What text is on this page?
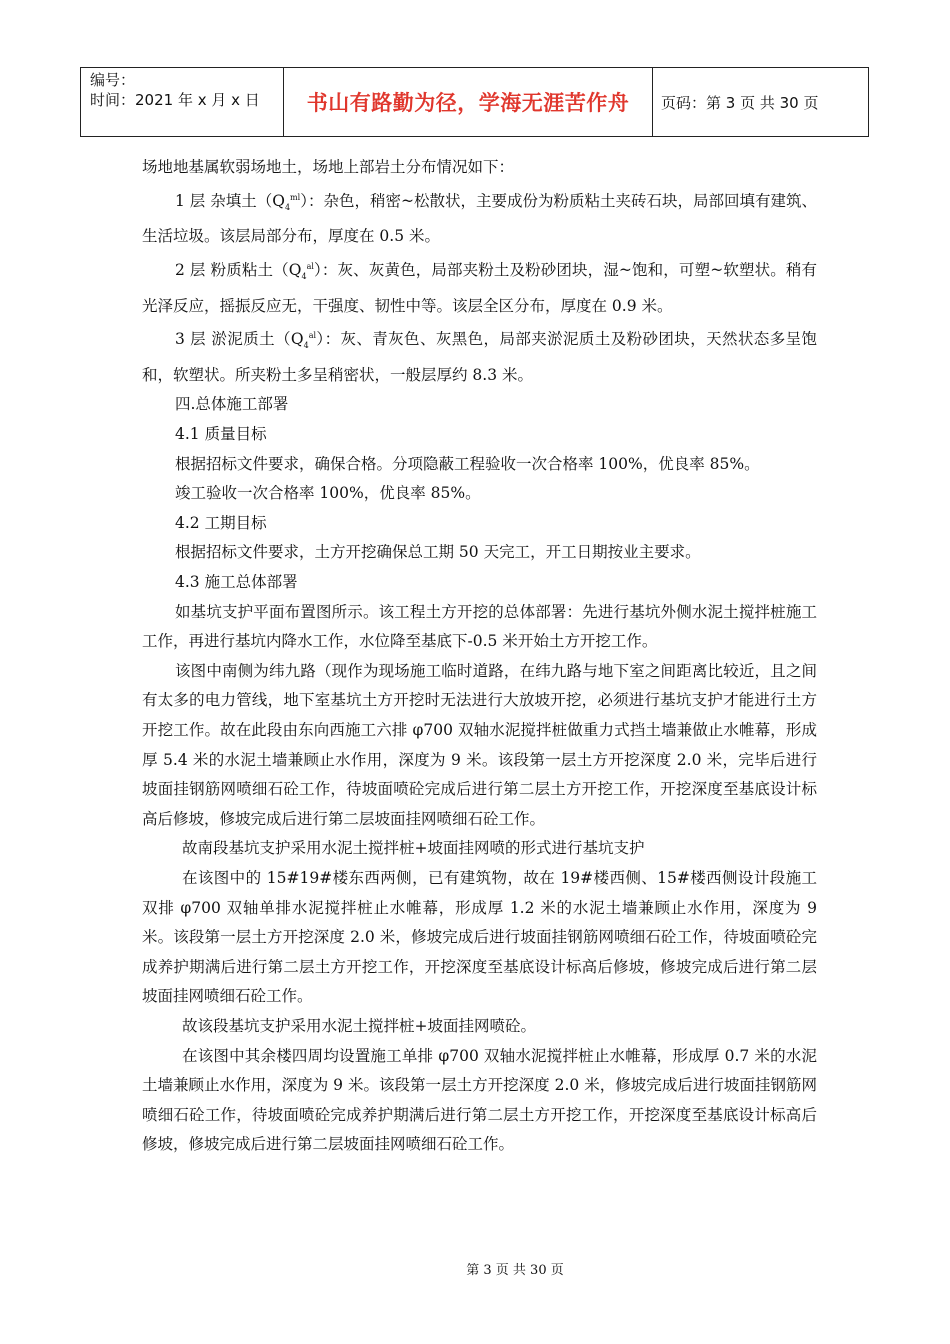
编号：
时间：2021 年 x 月 x 日	书山有路勤为径，学海无涯苦作舟	页码：第 3 页 共 30 页

场地地基属软弱场地土，场地上部岩土分布情况如下：

1 层 杂填土$(Q_4^{ml})$：杂色，稍密~松散状，主要成份为粉质粘土夹砖石块，局部回填有建筑、生活垃圾。该层局部分布，厚度在 0.5 米。

2 层 粉质粘土$(Q_4^{al})$：灰、灰黄色，局部夹粉土及粉砂团块，湿~饱和，可塑~软塑状。稍有光泽反应，摇振反应无，干强度、韧性中等。该层全区分布，厚度在 0.9 米。

3 层 淤泥质土$(Q_4^{al})$：灰、青灰色、灰黑色，局部夹淤泥质土及粉砂团块，天然状态多呈饱和，软塑状。所夹粉土多呈稍密状，一般层厚约 8.3 米。

四.总体施工部署

4.1 质量目标

根据招标文件要求，确保合格。分项隐蔽工程验收一次合格率 100%，优良率 85%。

竣工验收一次合格率 100%，优良率 85%。

4.2 工期目标

根据招标文件要求，土方开挖确保总工期 50 天完工，开工日期按业主要求。

4.3 施工总体部署

如基坑支护平面布置图所示。该工程土方开挖的总体部署：先进行基坑外侧水泥土搅拌桩施工工作，再进行基坑内降水工作，水位降至基底下-0.5 米开始土方开挖工作。

该图中南侧为纬九路（现作为现场施工临时道路，在纬九路与地下室之间距离比较近，且之间有太多的电力管线，地下室基坑土方开挖时无法进行大放坡开挖，必须进行基坑支护才能进行土方开挖工作。故在此段由东向西施工六排 φ700 双轴水泥搅拌桩做重力式挡土墙兼做止水帷幕，形成厚 5.4 米的水泥土墙兼顾止水作用，深度为 9 米。该段第一层土方开挖深度 2.0 米，完毕后进行坡面挂钢筋网喷细石砼工作，待坡面喷砼完成后进行第二层土方开挖工作，开挖深度至基底设计标高后修坡，修坡完成后进行第二层坡面挂网喷细石砼工作。

故南段基坑支护采用水泥土搅拌桩+坡面挂网喷的形式进行基坑支护

在该图中的 15#19#楼东西两侧，已有建筑物，故在 19#楼西侧、15#楼西侧设计段施工双排 φ700 双轴单排水泥搅拌桩止水帷幕，形成厚 1.2 米的水泥土墙兼顾止水作用，深度为 9 米。该段第一层土方开挖深度 2.0 米，修坡完成后进行坡面挂钢筋网喷细石砼工作，待坡面喷砼完成养护期满后进行第二层土方开挖工作，开挖深度至基底设计标高后修坡，修坡完成后进行第二层坡面挂网喷细石砼工作。

故该段基坑支护采用水泥土搅拌桩+坡面挂网喷砼。

在该图中其余楼四周均设置施工单排 φ700 双轴水泥搅拌桩止水帷幕，形成厚 0.7 米的水泥土墙兼顾止水作用，深度为 9 米。该段第一层土方开挖深度 2.0 米，修坡完成后进行坡面挂钢筋网喷细石砼工作，待坡面喷砼完成养护期满后进行第二层土方开挖工作，开挖深度至基底设计标高后修坡，修坡完成后进行第二层坡面挂网喷细石砼工作。

第 3 页 共 30 页
